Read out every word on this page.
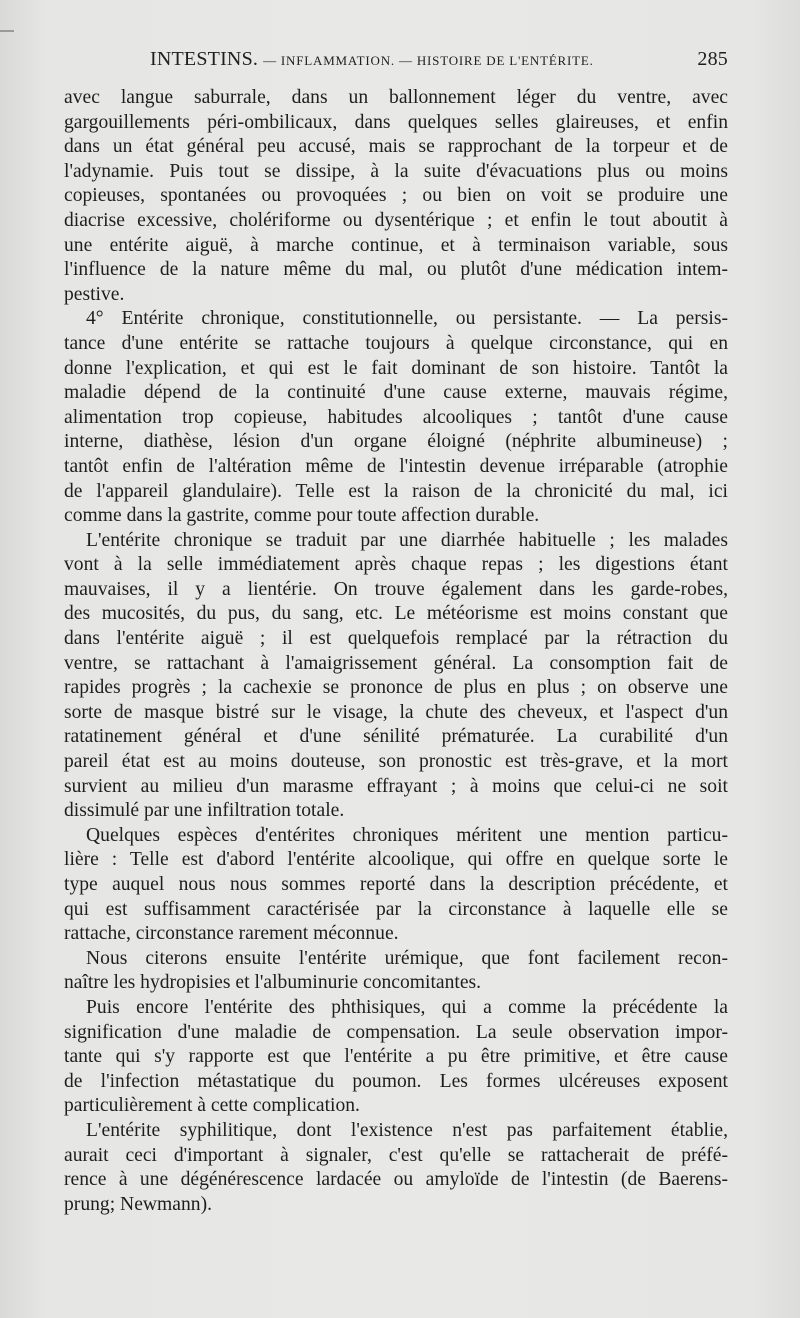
INTESTINS. — INFLAMMATION. — HISTOIRE DE L'ENTÉRITE.	285
avec langue saburrale, dans un ballonnement léger du ventre, avec
gargouillements péri-ombilicaux, dans quelques selles glaireuses, et enfin
dans un état général peu accusé, mais se rapprochant de la torpeur et de
l'adynamie. Puis tout se dissipe, à la suite d'évacuations plus ou moins
copieuses, spontanées ou provoquées ; ou bien on voit se produire une
diacrise excessive, cholériforme ou dysentérique ; et enfin le tout aboutit à
une entérite aiguë, à marche continue, et à terminaison variable, sous
l'influence de la nature même du mal, ou plutôt d'une médication intem-
pestive.
4° Entérite chronique, constitutionnelle, ou persistante. — La persis-
tance d'une entérite se rattache toujours à quelque circonstance, qui en
donne l'explication, et qui est le fait dominant de son histoire. Tantôt la
maladie dépend de la continuité d'une cause externe, mauvais régime,
alimentation trop copieuse, habitudes alcooliques ; tantôt d'une cause
interne, diathèse, lésion d'un organe éloigné (néphrite albumineuse) ;
tantôt enfin de l'altération même de l'intestin devenue irréparable (atrophie
de l'appareil glandulaire). Telle est la raison de la chronicité du mal, ici
comme dans la gastrite, comme pour toute affection durable.
L'entérite chronique se traduit par une diarrhée habituelle ; les malades
vont à la selle immédiatement après chaque repas ; les digestions étant
mauvaises, il y a lientérie. On trouve également dans les garde-robes,
des mucosités, du pus, du sang, etc. Le météorisme est moins constant que
dans l'entérite aiguë ; il est quelquefois remplacé par la rétraction du
ventre, se rattachant à l'amaigrissement général. La consomption fait de
rapides progrès ; la cachexie se prononce de plus en plus ; on observe une
sorte de masque bistré sur le visage, la chute des cheveux, et l'aspect d'un
ratatinement général et d'une sénilité prématurée. La curabilité d'un
pareil état est au moins douteuse, son pronostic est très-grave, et la mort
survient au milieu d'un marasme effrayant ; à moins que celui-ci ne soit
dissimulé par une infiltration totale.
Quelques espèces d'entérites chroniques méritent une mention particu-
lière : Telle est d'abord l'entérite alcoolique, qui offre en quelque sorte le
type auquel nous nous sommes reporté dans la description précédente, et
qui est suffisamment caractérisée par la circonstance à laquelle elle se
rattache, circonstance rarement méconnue.
Nous citerons ensuite l'entérite urémique, que font facilement recon-
naître les hydropisies et l'albuminurie concomitantes.
Puis encore l'entérite des phthisiques, qui a comme la précédente la
signification d'une maladie de compensation. La seule observation impor-
tante qui s'y rapporte est que l'entérite a pu être primitive, et être cause
de l'infection métastatique du poumon. Les formes ulcéreuses exposent
particulièrement à cette complication.
L'entérite syphilitique, dont l'existence n'est pas parfaitement établie,
aurait ceci d'important à signaler, c'est qu'elle se rattacherait de préfé-
rence à une dégénérescence lardacée ou amyloïde de l'intestin (de Baerens-
prung; Newmann).
